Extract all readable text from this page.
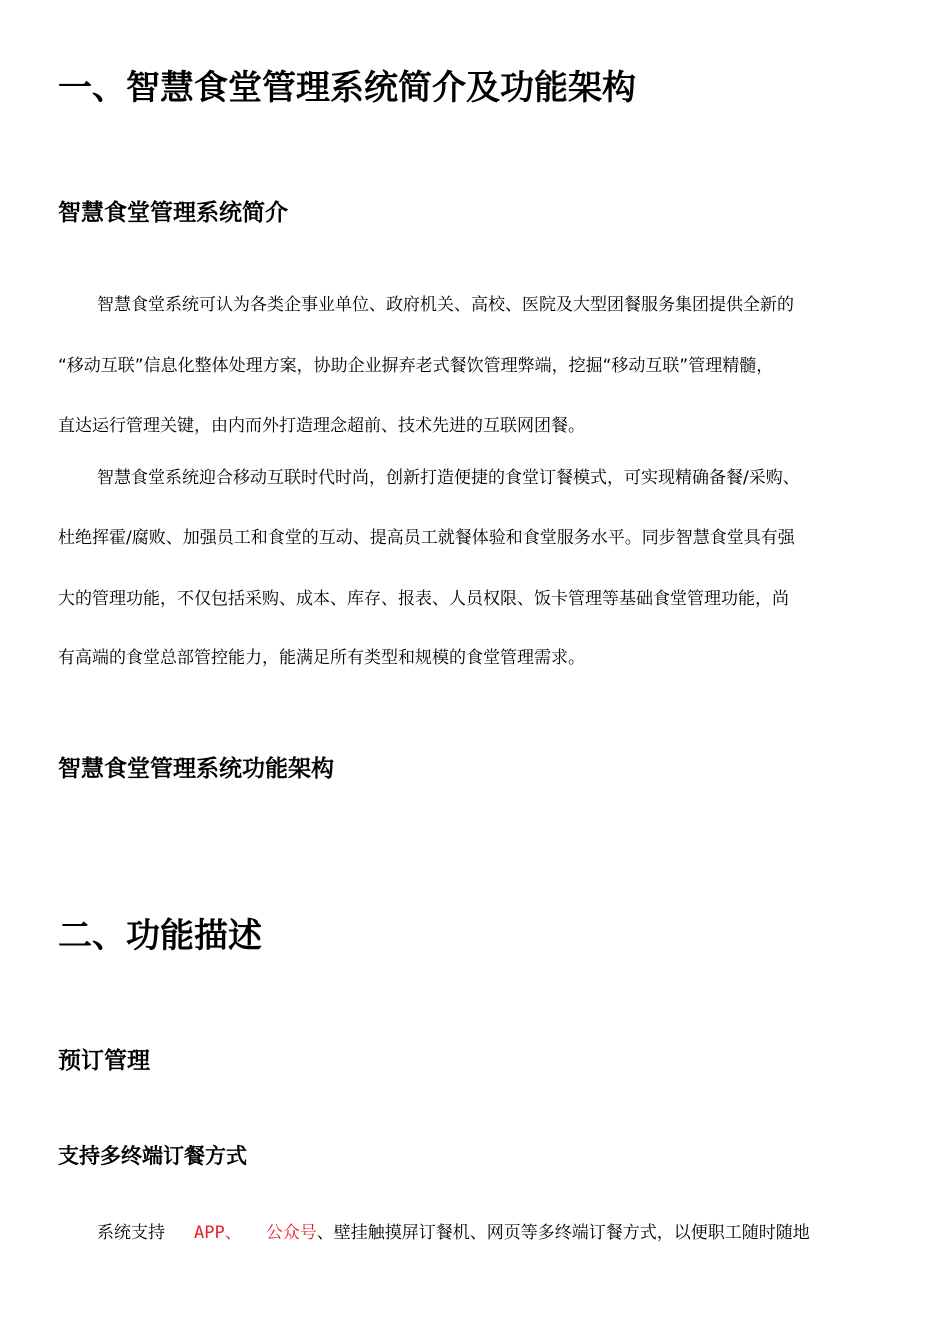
一、智慧食堂管理系统简介及功能架构
智慧食堂管理系统简介

智慧食堂系统可认为各类企事业单位、政府机关、高校、医院及大型团餐服务集团提供全新的

“移动互联”信息化整体处理方案，协助企业摒弃老式餐饮管理弊端，挖掘“移动互联”管理精髓，

直达运行管理关键，由内而外打造理念超前、技术先进的互联网团餐。

智慧食堂系统迎合移动互联时代时尚，创新打造便捷的食堂订餐模式，可实现精确备餐/采购、

杜绝挥霍/腐败、加强员工和食堂的互动、提高员工就餐体验和食堂服务水平。同步智慧食堂具有强

大的管理功能，不仅包括采购、成本、库存、报表、人员权限、饭卡管理等基础食堂管理功能，尚

有高端的食堂总部管控能力，能满足所有类型和规模的食堂管理需求。

智慧食堂管理系统功能架构
二、功能描述
预订管理
支持多终端订餐方式

系统支持 APP、 公众号、壁挂触摸屏订餐机、网页等多终端订餐方式，以便职工随时随地
